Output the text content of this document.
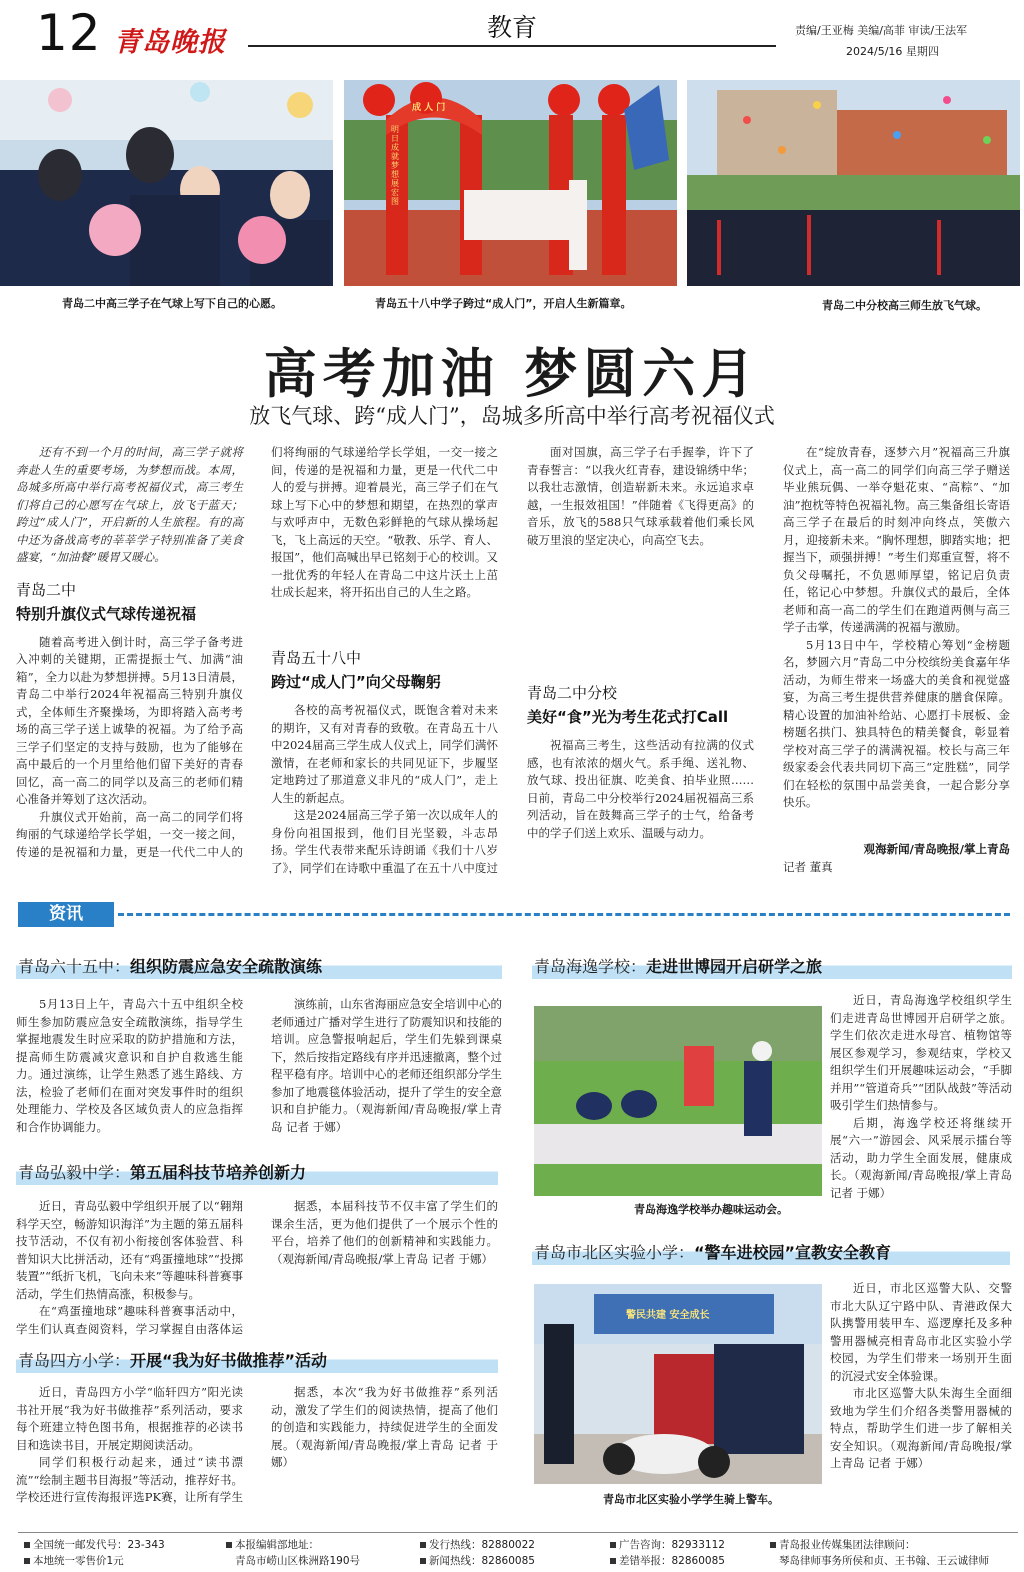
12 青岛晚报	教育	责编/王亚梅 美编/高菲 审读/王法军
2024/5/16 星期四
青岛二中高三学子在气球上写下自己的心愿。
明日成就梦想展宏图
成 人 门
青岛五十八中学子跨过“成人门”，开启人生新篇章。	青岛二中分校高三师生放飞气球。
高考加油 梦圆六月
放飞气球、跨“成人门”，岛城多所高中举行高考祝福仪式
还有不到一个月的时间，高三学子就将奔赴人生的重要考场，为梦想而战。本周，岛城多所高中举行高考祝福仪式，高三考生们将自己的心愿写在气球上，放飞于蓝天；跨过“成人门”，开启新的人生旅程。有的高中还为备战高考的莘莘学子特别准备了美食盛宴，“加油餐”暖胃又暖心。
青岛二中
特别升旗仪式气球传递祝福

随着高考进入倒计时，高三学子备考进入冲刺的关键期，正需提振士气、加满“油箱”，全力以赴为梦想拼搏。5月13日清晨，青岛二中举行2024年祝福高三特别升旗仪式，全体师生齐聚操场，为即将踏入高考考场的高三学子送上诚挚的祝福。为了给予高三学子们坚定的支持与鼓励，也为了能够在高中最后的一个月里给他们留下美好的青春回忆，高一高二的同学以及高三的老师们精心准备并筹划了这次活动。

升旗仪式开始前，高一高二的同学们将绚丽的气球递给学长学姐，一交一接之间，传递的是祝福和力量，更是一代代二中人的

们将绚丽的气球递给学长学姐，一交一接之间，传递的是祝福和力量，更是一代代二中人的爱与拼搏。迎着晨光，高三学子们在气球上写下心中的梦想和期望，在热烈的掌声与欢呼声中，无数色彩鲜艳的气球从操场起飞，飞上高远的天空。“敬教、乐学、育人、报国”，他们高喊出早已铭刻于心的校训。又一批优秀的年轻人在青岛二中这片沃土上茁壮成长起来，将开拓出自己的人生之路。

青岛五十八中
跨过“成人门”向父母鞠躬

各校的高考祝福仪式，既饱含着对未来的期许，又有对青春的致敬。在青岛五十八中2024届高三学生成人仪式上，同学们满怀激情，在老师和家长的共同见证下，步履坚定地跨过了那道意义非凡的“成人门”，走上人生的新起点。

这是2024届高三学子第一次以成年人的身份向祖国报到，他们目光坚毅，斗志昂扬。学生代表带来配乐诗朗诵《我们十八岁了》，同学们在诗歌中重温了在五十八中度过

面对国旗，高三学子右手握拳，许下了青春誓言：“以我火红青春，建设锦绣中华；以我壮志激情，创造崭新未来。永远追求卓越，一生报效祖国！”伴随着《飞得更高》的音乐，放飞的588只气球承载着他们乘长风破万里浪的坚定决心，向高空飞去。

青岛二中分校
美好“食”光为考生花式打Call

祝福高三考生，这些活动有拉满的仪式感，也有浓浓的烟火气。系手绳、送礼物、放气球、投出征旗、吃美食、拍毕业照……日前，青岛二中分校举行2024届祝福高三系列活动，旨在鼓舞高三学子的士气，给备考中的学子们送上欢乐、温暖与动力。

在“绽放青春，逐梦六月”祝福高三升旗仪式上，高一高二的同学们向高三学子赠送毕业熊玩偶、一举夺魁花束、“高粽”、“加油”抱枕等特色祝福礼物。高三集备组长寄语高三学子在最后的时刻冲向终点，笑傲六月，迎接新未来。“胸怀理想，脚踏实地；把握当下，顽强拼搏！”考生们郑重宣誓，将不负父母嘱托，不负恩师厚望，铭记启负责任，铭记心中梦想。升旗仪式的最后，全体老师和高一高二的学生们在跑道两侧与高三学子击掌，传递满满的祝福与激励。

5月13日中午，学校精心筹划“金榜题名，梦圆六月”青岛二中分校缤纷美食嘉年华活动，为师生带来一场盛大的美食和视觉盛宴，为高三考生提供营养健康的膳食保障。精心设置的加油补给站、心愿打卡展板、金榜题名拱门、独具特色的精美餐食，彰显着学校对高三学子的满满祝福。校长与高三年级家委会代表共同切下高三“定胜糕”，同学们在轻松的氛围中品尝美食，一起合影分享快乐。

观海新闻/青岛晚报/掌上青岛
记者 董真
资讯
青岛六十五中：组织防震应急安全疏散演练

5月13日上午，青岛六十五中组织全校师生参加防震应急安全疏散演练，指导学生掌握地震发生时应采取的防护措施和方法，提高师生防震减灾意识和自护自救逃生能力。通过演练，让学生熟悉了逃生路线、方法，检验了老师们在面对突发事件时的组织处理能力、学校及各区域负责人的应急指挥和合作协调能力。

演练前，山东省海丽应急安全培训中心的老师通过广播对学生进行了防震知识和技能的培训。应急警报响起后，学生们先躲到课桌下，然后按指定路线有序并迅速撤离，整个过程平稳有序。培训中心的老师还组织部分学生参加了地震毯体验活动，提升了学生的安全意识和自护能力。（观海新闻/青岛晚报/掌上青岛 记者 于娜）

青岛弘毅中学：第五届科技节培养创新力

近日，青岛弘毅中学组织开展了以“翱翔科学天空，畅游知识海洋”为主题的第五届科技节活动，不仅有初小衔接创客体验营、科普知识大比拼活动，还有“鸡蛋撞地球”“投掷装置”“纸折飞机，飞向未来”等趣味科普赛事活动，学生们热情高涨，积极参与。

在“鸡蛋撞地球”趣味科普赛事活动中，学生们认真查阅资料，学习掌握自由落体运

据悉，本届科技节不仅丰富了学生们的课余生活，更为他们提供了一个展示个性的平台，培养了他们的创新精神和实践能力。（观海新闻/青岛晚报/掌上青岛 记者 于娜）

青岛四方小学：开展“我为好书做推荐”活动

近日，青岛四方小学“临轩四方”阳光读书社开展“我为好书做推荐”系列活动，要求每个班建立特色图书角，根据推荐的必读书目和选读书目，开展定期阅读活动。

同学们积极行动起来，通过“读书漂流”“绘制主题书目海报”等活动，推荐好书。学校还进行宣传海报评选PK赛，让所有学生

据悉，本次“我为好书做推荐”系列活动，激发了学生们的阅读热情，提高了他们的创造和实践能力，持续促进学生的全面发展。（观海新闻/青岛晚报/掌上青岛 记者 于娜）

青岛海逸学校：走进世博园开启研学之旅
青岛海逸学校举办趣味运动会。

近日，青岛海逸学校组织学生们走进青岛世博园开启研学之旅。学生们依次走进水母宫、植物馆等展区参观学习，参观结束，学校又组织学生们开展趣味运动会，“手脚并用”“管道奇兵”“团队战鼓”等活动吸引学生们热情参与。

后期，海逸学校还将继续开展“六一”游园会、风采展示擂台等活动，助力学生全面发展，健康成长。（观海新闻/青岛晚报/掌上青岛 记者 于娜）

青岛市北区实验小学：“警车进校园”宣教安全教育
警民共建 安全成长
青岛市北区实验小学学生骑上警车。

近日，市北区巡警大队、交警市北大队辽宁路中队、青港政保大队携警用装甲车、巡逻摩托及多种警用器械亮相青岛市北区实验小学校园，为学生们带来一场别开生面的沉浸式安全体验课。

市北区巡警大队朱海生全面细致地为学生们介绍各类警用器械的特点，帮助学生们进一步了解相关安全知识。（观海新闻/青岛晚报/掌上青岛 记者 于娜）

全国统一邮发代号：23-343
本地统一零售价1元
本报编辑部地址：
青岛市崂山区株洲路190号
发行热线：82880022
新闻热线：82860085
广告咨询：82933112
差错举报：82860085
青岛报业传媒集团法律顾问：
琴岛律师事务所侯和贞、王书翰、王云诚律师
